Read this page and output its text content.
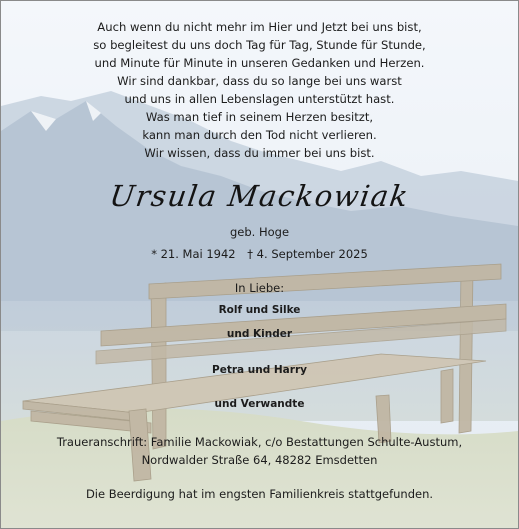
Auch wenn du nicht mehr im Hier und Jetzt bei uns bist,
so begleitest du uns doch Tag für Tag, Stunde für Stunde,
und Minute für Minute in unseren Gedanken und Herzen.
Wir sind dankbar, dass du so lange bei uns warst
und uns in allen Lebenslagen unterstützt hast.
Was man tief in seinem Herzen besitzt,
kann man durch den Tod nicht verlieren.
Wir wissen, dass du immer bei uns bist.
Ursula Mackowiak
geb. Hoge
* 21. Mai 1942 † 4. September 2025
In Liebe:
Rolf und Silke
und Kinder
Petra und Harry
und Verwandte
Traueranschrift: Familie Mackowiak, c/o Bestattungen Schulte-Austum,
Nordwalder Straße 64, 48282 Emsdetten
Die Beerdigung hat im engsten Familienkreis stattgefunden.
